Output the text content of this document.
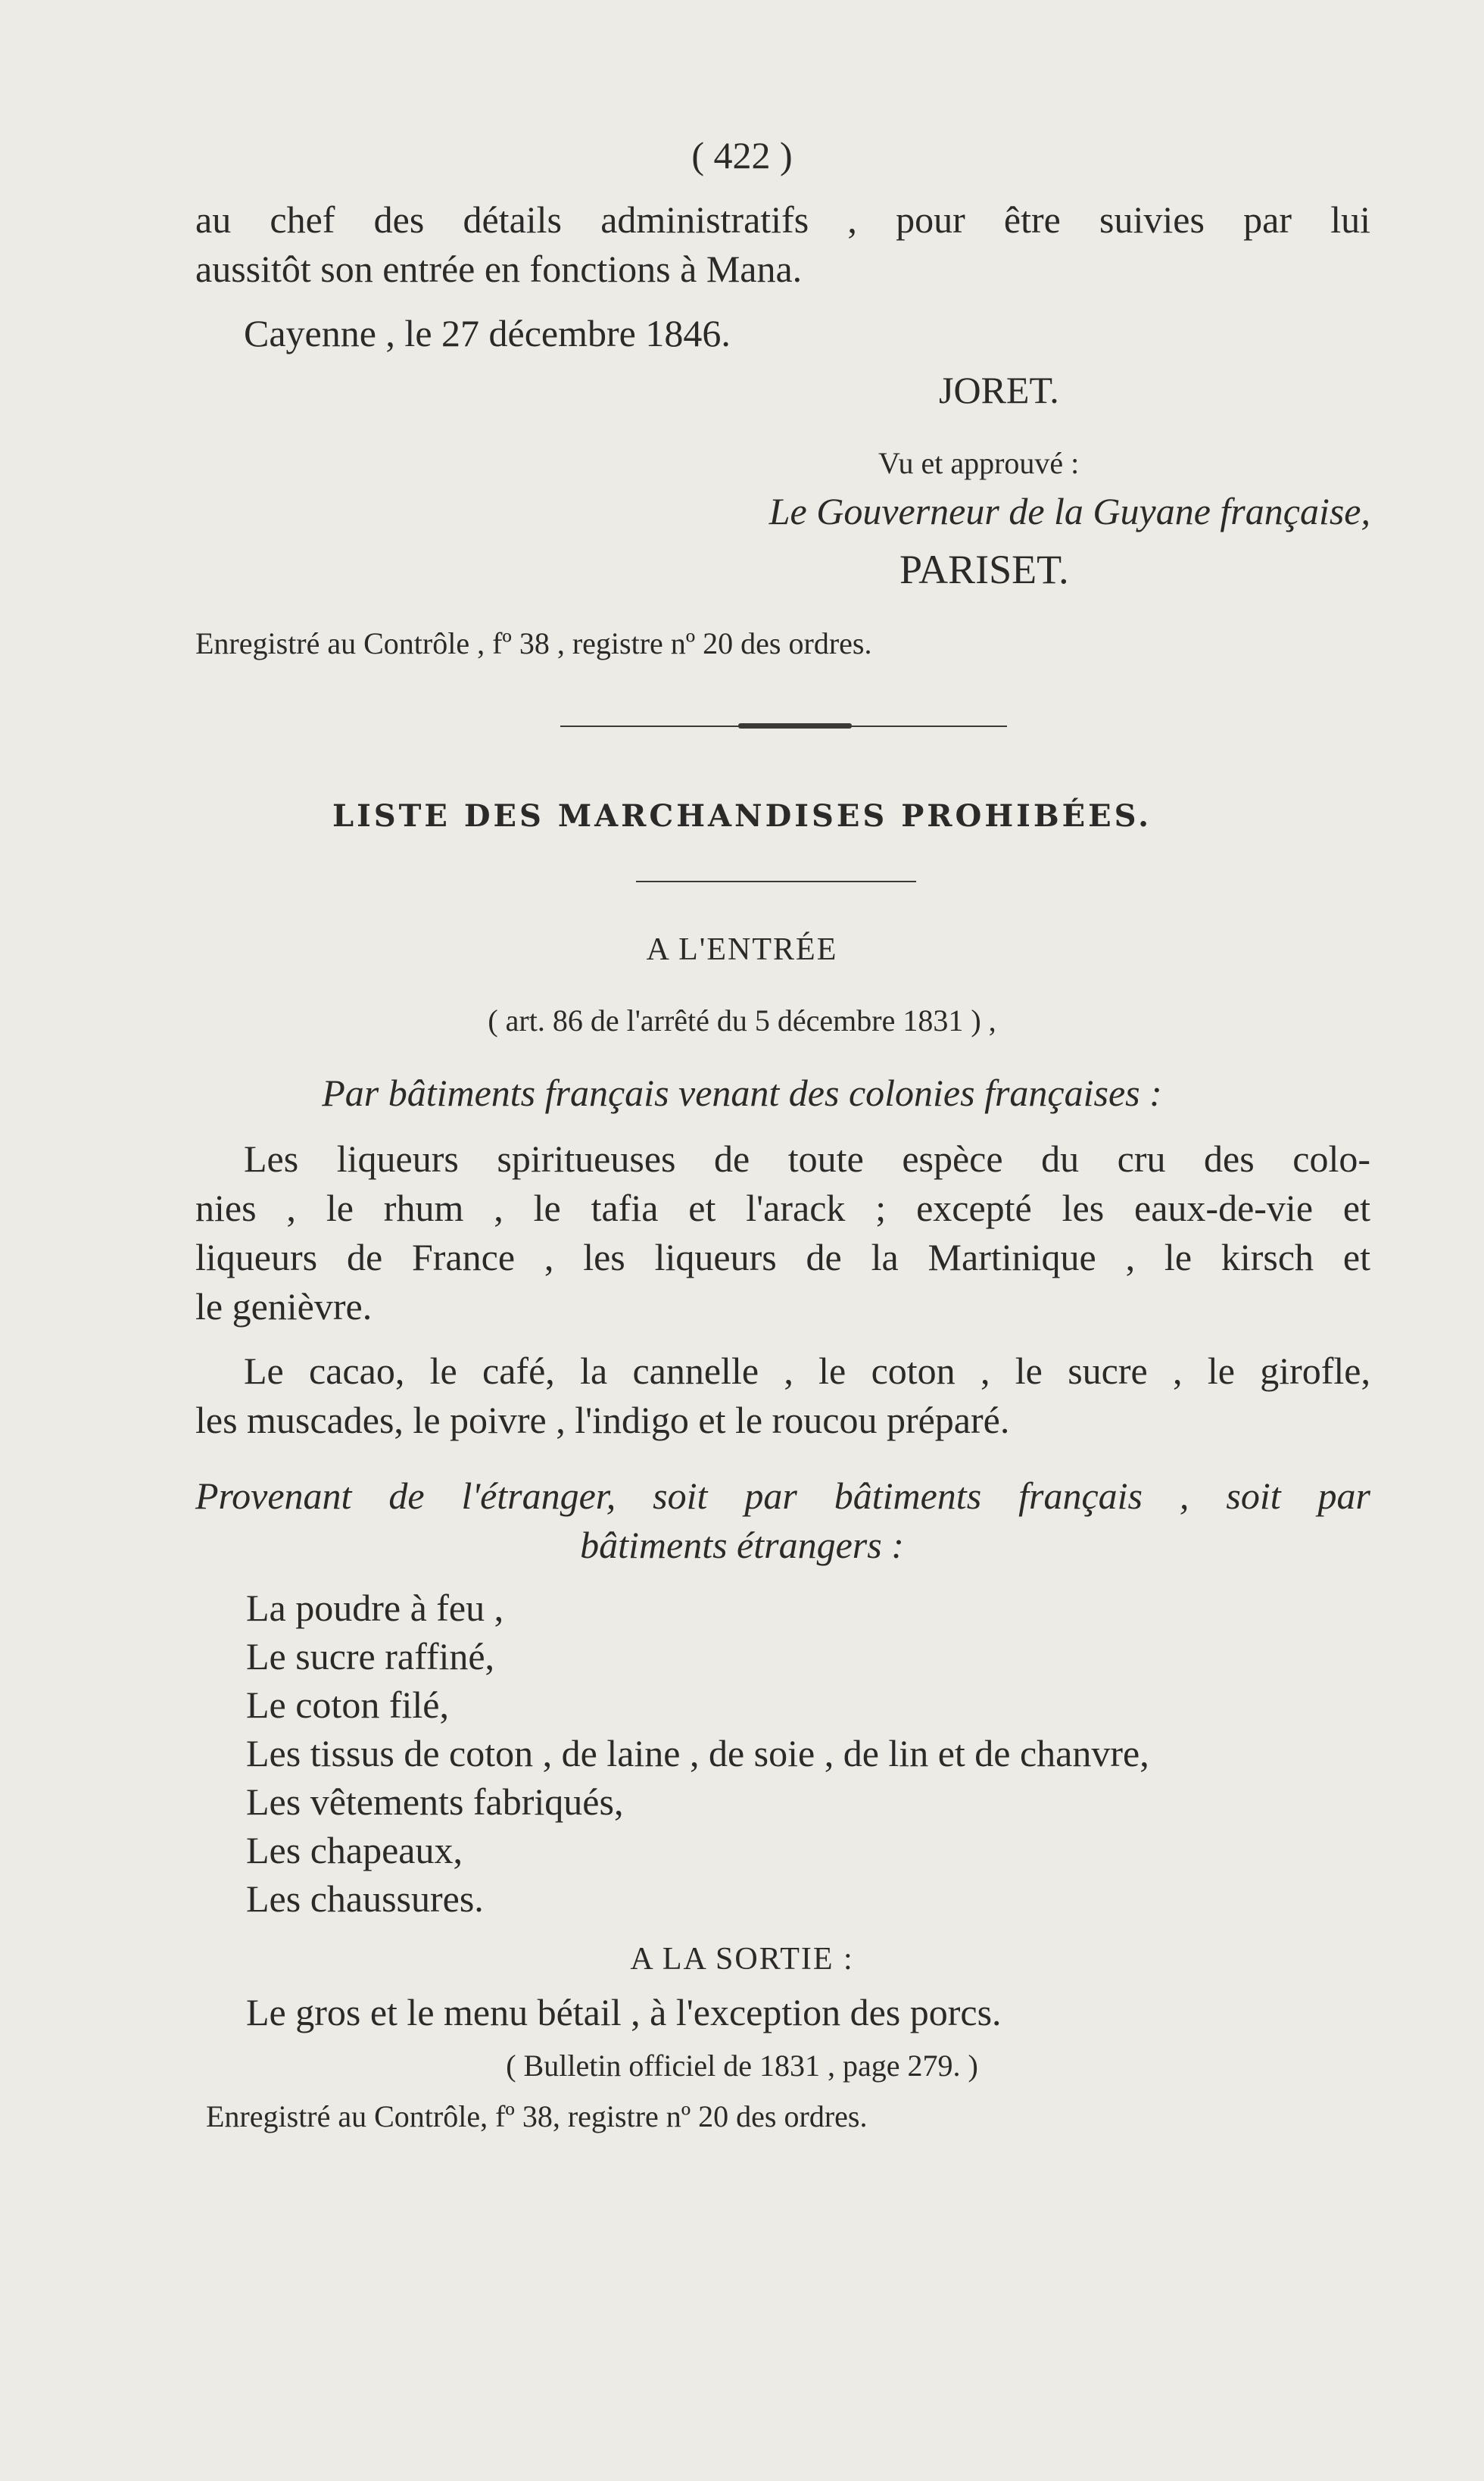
( 422 )
au chef des détails administratifs , pour être suivies par lui
aussitôt son entrée en fonctions à Mana.
Cayenne , le 27 décembre 1846.
JORET.
Vu et approuvé :
Le Gouverneur de la Guyane française,
PARISET.
Enregistré au Contrôle , fº 38 , registre nº 20 des ordres.
LISTE DES MARCHANDISES PROHIBÉES.
A L'ENTRÉE
( art. 86 de l'arrêté du 5 décembre 1831 ) ,
Par bâtiments français venant des colonies françaises :
Les liqueurs spiritueuses de toute espèce du cru des colo-
nies , le rhum , le tafia et l'arack ; excepté les eaux-de-vie et
liqueurs de France , les liqueurs de la Martinique , le kirsch et
le genièvre.
Le cacao, le café, la cannelle , le coton , le sucre , le girofle,
les muscades, le poivre , l'indigo et le roucou préparé.
Provenant de l'étranger, soit par bâtiments français , soit par
bâtiments étrangers :
La poudre à feu ,
Le sucre raffiné,
Le coton filé,
Les tissus de coton , de laine , de soie , de lin et de chanvre,
Les vêtements fabriqués,
Les chapeaux,
Les chaussures.
A LA SORTIE :
Le gros et le menu bétail , à l'exception des porcs.
( Bulletin officiel de 1831 , page 279. )
Enregistré au Contrôle, fº 38, registre nº 20 des ordres.
